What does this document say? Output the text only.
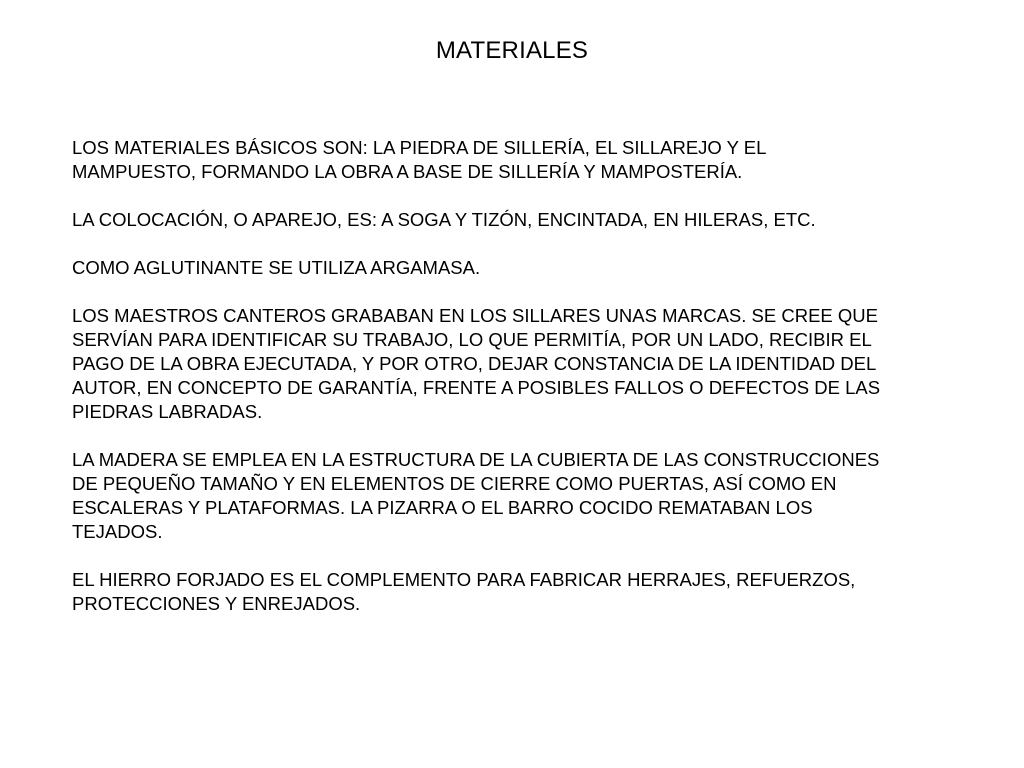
MATERIALES

LOS MATERIALES BÁSICOS SON: LA PIEDRA DE SILLERÍA, EL SILLAREJO Y EL
MAMPUESTO, FORMANDO LA OBRA A BASE DE SILLERÍA Y MAMPOSTERÍA.

LA COLOCACIÓN, O APAREJO, ES: A SOGA Y TIZÓN, ENCINTADA, EN HILERAS, ETC.

COMO AGLUTINANTE SE UTILIZA ARGAMASA.

LOS MAESTROS CANTEROS GRABABAN EN LOS SILLARES UNAS MARCAS. SE CREE QUE
SERVÍAN PARA IDENTIFICAR SU TRABAJO, LO QUE PERMITÍA, POR UN LADO, RECIBIR EL
PAGO DE LA OBRA EJECUTADA, Y POR OTRO, DEJAR CONSTANCIA DE LA IDENTIDAD DEL
AUTOR, EN CONCEPTO DE GARANTÍA, FRENTE A POSIBLES FALLOS O DEFECTOS DE LAS
PIEDRAS LABRADAS.

LA MADERA SE EMPLEA EN LA ESTRUCTURA DE LA CUBIERTA DE LAS CONSTRUCCIONES
DE PEQUEÑO TAMAÑO Y EN ELEMENTOS DE CIERRE COMO PUERTAS, ASÍ COMO EN
ESCALERAS Y PLATAFORMAS. LA PIZARRA O EL BARRO COCIDO REMATABAN LOS
TEJADOS.

EL HIERRO FORJADO ES EL COMPLEMENTO PARA FABRICAR HERRAJES, REFUERZOS,
PROTECCIONES Y ENREJADOS.
